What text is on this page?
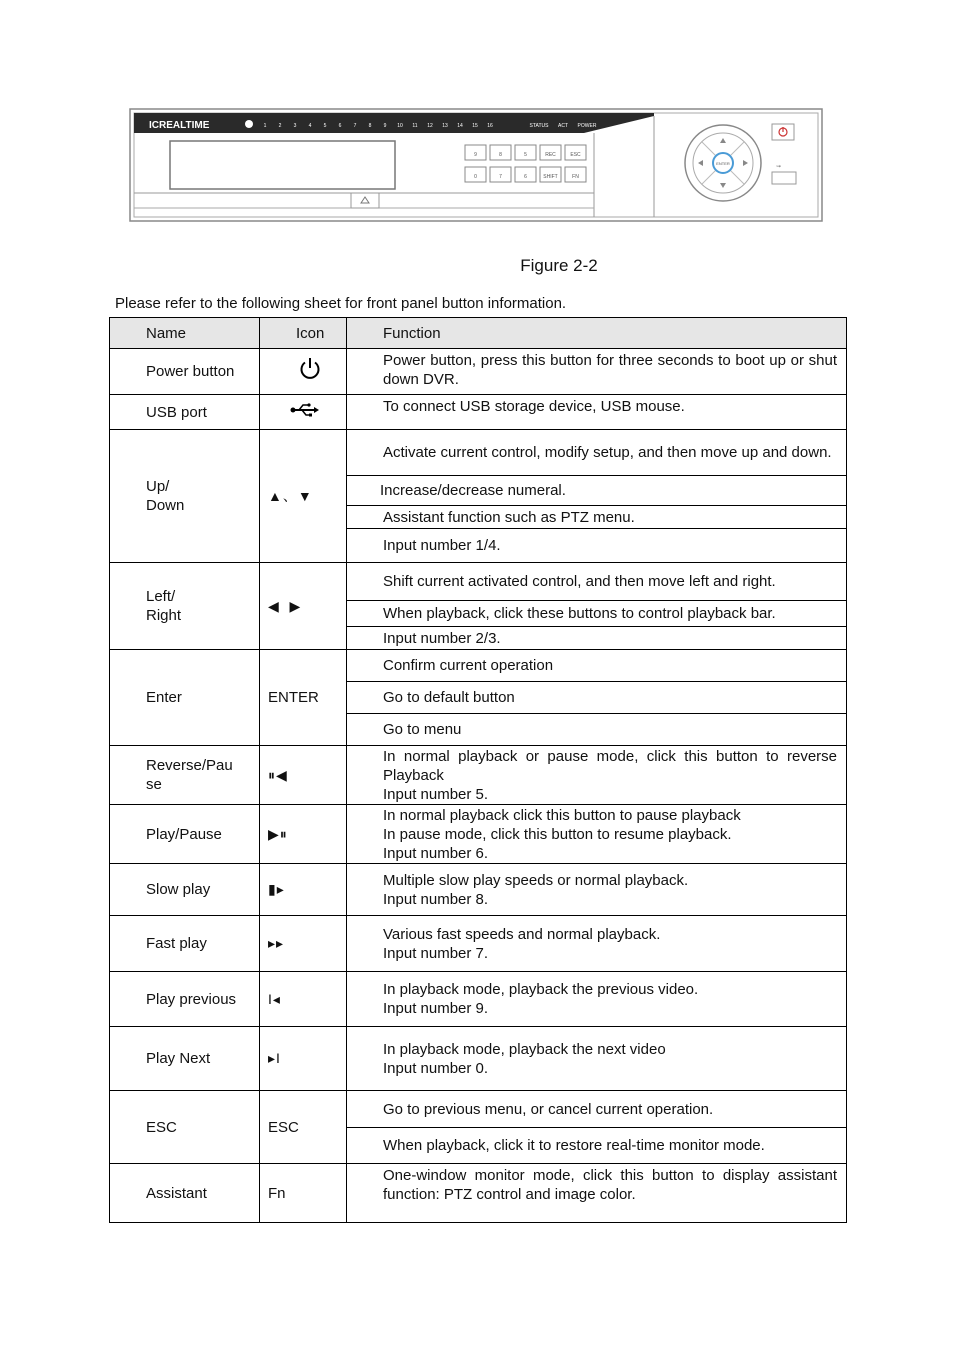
ICREALTIME	1 2 3 4 5 6 7 8 9 10 11 12 13 14 15 16	STATUS ACT POWER
9	8	5	REC	ESC
0	7	6	SHIFT	FN
ENTER
⇝
Figure 2-2
Please refer to the following sheet for front panel button information.
Name	Icon	Function
Power button		Power button, press this button for three seconds to boot up or shut down DVR.
USB port		To connect USB storage device, USB mouse.
Up/
Down	▲、▼	Activate current control, modify setup, and then move up and down.
		Increase/decrease numeral.
		Assistant function such as PTZ menu.
		Input number 1/4.
Left/
Right	◀  ▶	Shift current activated control, and then move left and right.
		When playback, click these buttons to control playback bar.
		Input number 2/3.
Enter	ENTER	Confirm current operation
		Go to default button
		Go to menu
Reverse/Pau
se	⏸◀	In normal playback or pause mode, click this button to reverse Playback
Input number 5.
Play/Pause	▶⏸	In normal playback click this button to pause playback
In pause mode, click this button to resume playback.
Input number 6.
Slow play	▮▸	Multiple slow play speeds or normal playback.
Input number 8.
Fast play	▸▸	Various fast speeds and normal playback.
Input number 7.
Play previous	I◂	In playback mode, playback the previous video.
Input number 9.
Play Next	▸I	In playback mode, playback the next video
Input number 0.
ESC	ESC	Go to previous menu, or cancel current operation.
		When playback, click it to restore real-time monitor mode.
Assistant	Fn	One-window monitor mode, click this button to display assistant function: PTZ control and image color.
